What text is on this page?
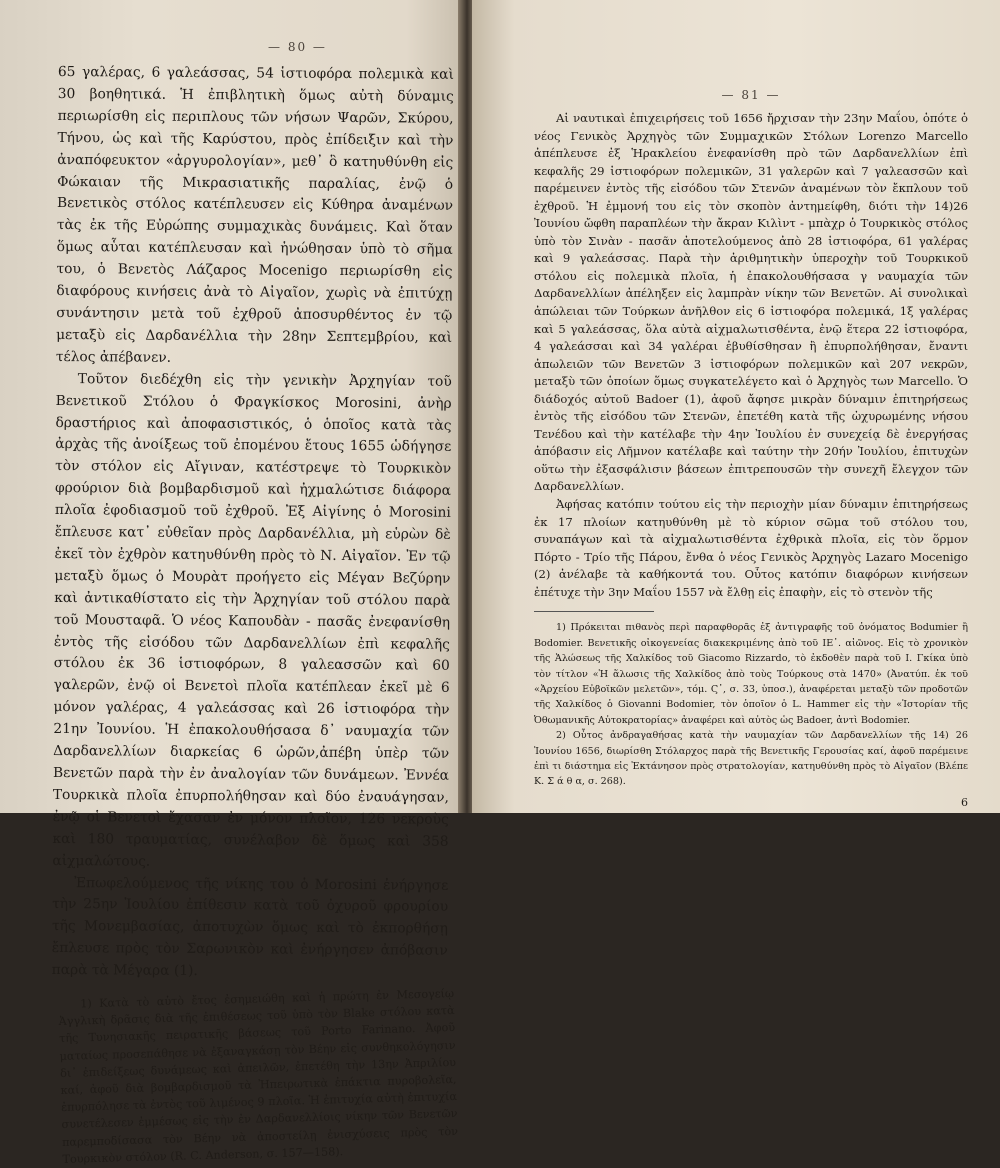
— 80 —

65 γαλέρας, 6 γαλεάσσας, 54 ἱστιοφόρα πολεμικὰ καὶ 30 βοηθητικά. Ἡ ἐπιβλητικὴ ὅμως αὐτὴ δύναμις περιωρίσθη εἰς περιπλους τῶν νήσων Ψαρῶν, Σκύρου, Τήνου, ὡς καὶ τῆς Καρύστου, πρὸς ἐπίδειξιν καὶ τὴν ἀναπόφευκτον «ἀργυρολογίαν», μεθ᾽ ὃ κατηυθύνθη εἰς Φώκαιαν τῆς Μικρασιατικῆς παραλίας, ἐνῷ ὁ Βενετικὸς στόλος κατέπλευσεν εἰς Κύθηρα ἀναμένων τὰς ἐκ τῆς Εὐρώπης συμμαχικὰς δυνάμεις. Καὶ ὅταν ὅμως αὗται κατέπλευσαν καὶ ἡνώθησαν ὑπὸ τὸ σῆμα του, ὁ Βενετὸς Λάζαρος Mocenigo περιωρίσθη εἰς διαφόρους κινήσεις ἀνὰ τὸ Αἰγαῖον, χωρὶς νὰ ἐπιτύχῃ συνάντησιν μετὰ τοῦ ἐχθροῦ ἀποσυρθέντος ἐν τῷ μεταξὺ εἰς Δαρδανέλλια τὴν 28ην Σεπτεμβρίου, καὶ τέλος ἀπέβανεν.

Τοῦτον διεδέχθη εἰς τὴν γενικὴν Ἀρχηγίαν τοῦ Βενετικοῦ Στόλου ὁ Φραγκίσκος Morosini, ἀνὴρ δραστήριος καὶ ἀποφασιστικός, ὁ ὁποῖος κατὰ τὰς ἀρχὰς τῆς ἀνοίξεως τοῦ ἐπομένου ἔτους 1655 ὡδήγησε τὸν στόλον εἰς Αἴγιναν, κατέστρεψε τὸ Τουρκικὸν φρούριον διὰ βομβαρδισμοῦ καὶ ἠχμαλώτισε διάφορα πλοῖα ἐφοδιασμοῦ τοῦ ἐχθροῦ. Ἐξ Αἰγίνης ὁ Morosini ἔπλευσε κατ᾽ εὐθεῖαν πρὸς Δαρδανέλλια, μὴ εὑρὼν δὲ ἐκεῖ τὸν ἐχθρὸν κατηυθύνθη πρὸς τὸ Ν. Αἰγαῖον. Ἐν τῷ μεταξὺ ὅμως ὁ Μουρὰτ προήγετο εἰς Μέγαν Βεζύρην καὶ ἀντικαθίστατο εἰς τὴν Ἀρχηγίαν τοῦ στόλου παρὰ τοῦ Μουσταφᾶ. Ὁ νέος Καπουδὰν - πασᾶς ἐνεφανίσθη ἐντὸς τῆς εἰσόδου τῶν Δαρδανελλίων ἐπὶ κεφαλῆς στόλου ἐκ 36 ἱστιοφόρων, 8 γαλεασσῶν καὶ 60 γαλερῶν, ἐνῷ οἱ Βενετοὶ πλοῖα κατέπλεαν ἐκεῖ μὲ 6 μόνον γαλέρας, 4 γαλεάσσας καὶ 26 ἱστιοφόρα τὴν 21ην Ἰουνίου. Ἡ ἐπακολουθήσασα δ᾽ ναυμαχία τῶν Δαρδανελλίων διαρκείας 6 ὡρῶν,ἀπέβη ὑπὲρ τῶν Βενετῶν παρὰ τὴν ἐν ἀναλογίαν τῶν δυνάμεων. Ἐννέα Τουρκικὰ πλοῖα ἐπυρπολήθησαν καὶ δύο ἐναυάγησαν, ἐνῷ οἱ Βενετοὶ ἔχασαν ἐν μόνον πλοῖον, 126 νεκροὺς καὶ 180 τραυματίας, συνέλαβον δὲ ὅμως καὶ 358 αἰχμαλώτους.

Ἐπωφελούμενος τῆς νίκης του ὁ Morosini ἐνήργησε τὴν 25ην Ἰουλίου ἐπίθεσιν κατὰ τοῦ ὀχυροῦ φρουρίου τῆς Μονεμβασίας, ἀποτυχὼν ὅμως καὶ τὸ ἐκπορθήσῃ ἔπλευσε πρὸς τὸν Σαρωνικὸν καὶ ἐνήργησεν ἀπόβασιν παρὰ τὰ Μέγαρα (1).

1) Κατὰ τὸ αὐτὸ ἔτος ἐσημειώθη καὶ ἡ πρώτη ἐν Μεσογείῳ Ἀγγλικὴ δρᾶσις διὰ τῆς ἐπιθέσεως τοῦ ὑπὸ τὸν Blake στόλου κατὰ τῆς Τυνησιακῆς πειρατικῆς βάσεως τοῦ Porto Farinano. Ἀφοῦ ματαίως προσεπάθησε νὰ ἐξαναγκάσῃ τὸν Βέην εἰς συνθηκολόγησιν δι᾽ ἐπιδείξεως δυνάμεως καὶ ἀπειλῶν, ἐπετέθη τὴν 13ην Ἀπριλίου καί, ἀφοῦ διὰ βομβαρδισμοῦ τὰ Ἠπειρωτικὰ ἐπάκτια πυροβολεῖα, ἐπυρπόλησε τὰ ἐντὸς τοῦ λιμένος 9 πλοῖα. Ἡ ἐπιτυχία αὐτὴ ἐπιτυχία συνετέλεσεν ἐμμέσως εἰς τὴν ἐν Δαρδανελλίοις νίκην τῶν Βενετῶν παρεμποδίσασα τὸν Βέην νὰ ἀποστείλῃ ἐνισχύσεις πρὸς τὸν Τουρκικὸν στόλον (R. C. Anderson, σ. 157—158).

— 81 —

Αἱ ναυτικαὶ ἐπιχειρήσεις τοῦ 1656 ἤρχισαν τὴν 23ην Μαΐου, ὁπότε ὁ νέος Γενικὸς Ἀρχηγὸς τῶν Συμμαχικῶν Στόλων Lorenzo Marcello ἀπέπλευσε ἐξ Ἡρακλείου ἐνεφανίσθη πρὸ τῶν Δαρδανελλίων ἐπὶ κεφαλῆς 29 ἱστιοφόρων πολεμικῶν, 31 γαλερῶν καὶ 7 γαλεασσῶν καὶ παρέμεινεν ἐντὸς τῆς εἰσόδου τῶν Στενῶν ἀναμένων τὸν ἔκπλουν τοῦ ἐχθροῦ. Ἡ ἐμμονή του εἰς τὸν σκοπὸν ἀντημείφθη, διότι τὴν 14)26 Ἰουνίου ὤφθη παραπλέων τὴν ἄκραν Κιλὶντ - μπὰχρ ὁ Τουρκικὸς στόλος ὑπὸ τὸν Σινὰν - πασᾶν ἀποτελούμενος ἀπὸ 28 ἱστιοφόρα, 61 γαλέρας καὶ 9 γαλεάσσας. Παρὰ τὴν ἀριθμητικὴν ὑπεροχὴν τοῦ Τουρκικοῦ στόλου εἰς πολεμικὰ πλοῖα, ἡ ἐπακολουθήσασα γ ναυμαχία τῶν Δαρδανελλίων ἀπέληξεν εἰς λαμπρὰν νίκην τῶν Βενετῶν. Αἱ συνολικαὶ ἀπώλειαι τῶν Τούρκων ἀνῆλθον εἰς 6 ἱστιοφόρα πολεμικά, 1ξ γαλέρας καὶ 5 γαλεάσσας, ὅλα αὐτὰ αἰχμαλωτισθέντα, ἐνῷ ἕτερα 22 ἱστιοφόρα, 4 γαλεάσσαι καὶ 34 γαλέραι ἐβυθίσθησαν ἢ ἐπυρπολήθησαν, ἔναντι ἀπωλειῶν τῶν Βενετῶν 3 ἱστιοφόρων πολεμικῶν καὶ 207 νεκρῶν, μεταξὺ τῶν ὁποίων ὅμως συγκατελέγετο καὶ ὁ Ἀρχηγὸς των Marcello. Ὁ διάδοχός αὐτοῦ Badoer (1), ἀφοῦ ἄφησε μικρὰν δύναμιν ἐπιτηρήσεως ἐντὸς τῆς εἰσόδου τῶν Στενῶν, ἐπετέθη κατὰ τῆς ὠχυρωμένης νήσου Τενέδου καὶ τὴν κατέλαβε τὴν 4ην Ἰουλίου ἐν συνεχείᾳ δὲ ἐνεργήσας ἀπόβασιν εἰς Λῆμνον κατέλαβε καὶ ταύτην τὴν 20ήν Ἰουλίου, ἐπιτυχὼν οὕτω τὴν ἐξασφάλισιν βάσεων ἐπιτρεπουσῶν τὴν συνεχῆ ἔλεγχον τῶν Δαρδανελλίων.

Ἀφήσας κατόπιν τούτου εἰς τὴν περιοχὴν μίαν δύναμιν ἐπιτηρήσεως ἐκ 17 πλοίων κατηυθύνθη μὲ τὸ κύριον σῶμα τοῦ στόλου του, συναπάγων καὶ τὰ αἰχμαλωτισθέντα ἐχθρικὰ πλοῖα, εἰς τὸν ὅρμον Πόρτο - Τρίο τῆς Πάρου, ἔνθα ὁ νέος Γενικὸς Ἀρχηγὸς Lazaro Mocenigo (2) ἀνέλαβε τὰ καθήκοντά του. Οὗτος κατόπιν διαφόρων κινήσεων ἐπέτυχε τὴν 3ην Μαΐου 1557 νὰ ἔλθῃ εἰς ἐπαφὴν, εἰς τὸ στενὸν τῆς

1) Πρόκειται πιθανὸς περὶ παραφθορᾶς ἐξ ἀντιγραφῆς τοῦ ὀνόματος Bodumier ἢ Bodomier. Βενετικῆς οἰκογενείας διακεκριμένης ἀπὸ τοῦ ΙΕ᾽. αἰῶνος. Εἰς τὸ χρονικὸν τῆς Ἁλώσεως τῆς Χαλκίδος τοῦ Giacomo Rizzardo, τὸ ἐκδοθὲν παρὰ τοῦ Ι. Γκίκα ὑπὸ τὸν τίτλον «Ἡ ἅλωσις τῆς Χαλκίδος ἀπὸ τοὺς Τούρκους στὰ 1470» (Ἀνατύπ. ἐκ τοῦ «Ἀρχείου Εὐβοϊκῶν μελετῶν», τόμ. Ϛ᾽, σ. 33, ὑποσ.), ἀναφέρεται μεταξὺ τῶν προδοτῶν τῆς Χαλκίδος ὁ Giovanni Bodomier, τὸν ὁποῖον ὁ L. Hammer εἰς τὴν «Ἱστορίαν τῆς Ὀθωμανικῆς Αὐτοκρατορίας» ἀναφέρει καὶ αὐτὸς ὡς Badoer, ἀντὶ Bodomier.

2) Οὗτος ἀνδραγαθήσας κατὰ τὴν ναυμαχίαν τῶν Δαρδανελλίων τῆς 14) 26 Ἰουνίου 1656, διωρίσθη Στόλαρχος παρὰ τῆς Βενετικῆς Γερουσίας καί, ἀφοῦ παρέμεινε ἐπὶ τι διάστημα εἰς Ἐκτάνησον πρὸς στρατολογίαν, κατηυθύνθη πρὸς τὸ Αἰγαῖον (Βλέπε Κ. Σ ά θ α, σ. 268).

6
